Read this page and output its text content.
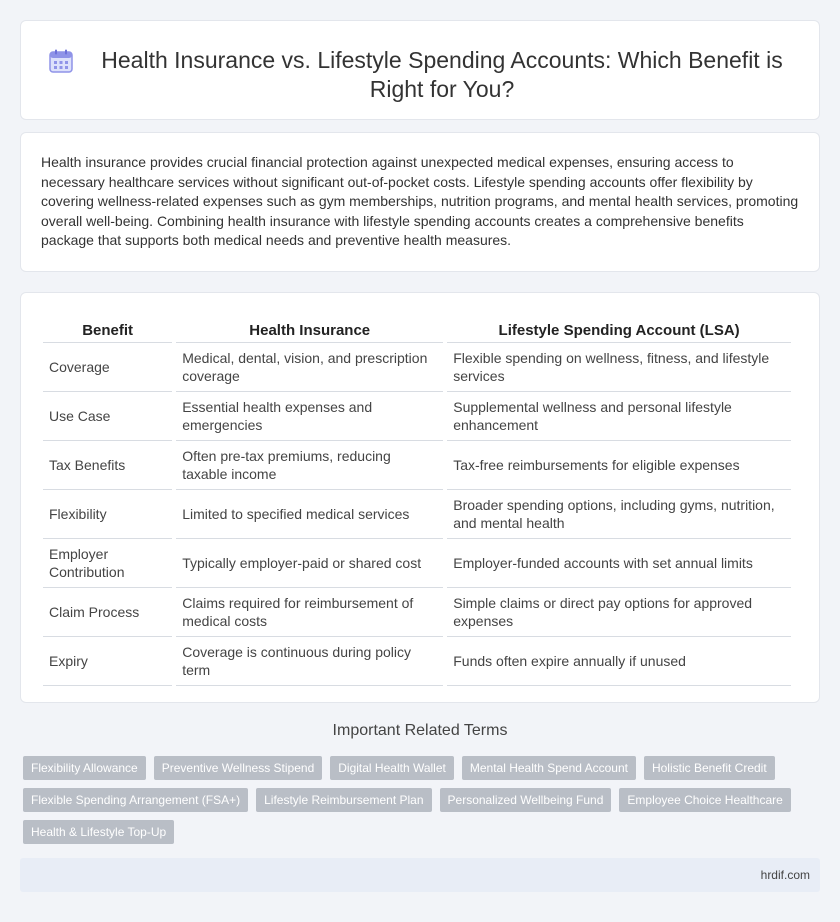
Health Insurance vs. Lifestyle Spending Accounts: Which Benefit is Right for You?

Health insurance provides crucial financial protection against unexpected medical expenses, ensuring access to necessary healthcare services without significant out-of-pocket costs. Lifestyle spending accounts offer flexibility by covering wellness-related expenses such as gym memberships, nutrition programs, and mental health services, promoting overall well-being. Combining health insurance with lifestyle spending accounts creates a comprehensive benefits package that supports both medical needs and preventive health measures.

Benefit	Health Insurance	Lifestyle Spending Account (LSA)
Coverage	Medical, dental, vision, and prescription coverage	Flexible spending on wellness, fitness, and lifestyle services
Use Case	Essential health expenses and emergencies	Supplemental wellness and personal lifestyle enhancement
Tax Benefits	Often pre-tax premiums, reducing taxable income	Tax-free reimbursements for eligible expenses
Flexibility	Limited to specified medical services	Broader spending options, including gyms, nutrition, and mental health
Employer Contribution	Typically employer-paid or shared cost	Employer-funded accounts with set annual limits
Claim Process	Claims required for reimbursement of medical costs	Simple claims or direct pay options for approved expenses
Expiry	Coverage is continuous during policy term	Funds often expire annually if unused
Important Related Terms
Flexibility Allowance	Preventive Wellness Stipend	Digital Health Wallet	Mental Health Spend Account	Holistic Benefit Credit
Flexible Spending Arrangement (FSA+)	Lifestyle Reimbursement Plan	Personalized Wellbeing Fund	Employee Choice Healthcare
Health & Lifestyle Top-Up
hrdif.com
